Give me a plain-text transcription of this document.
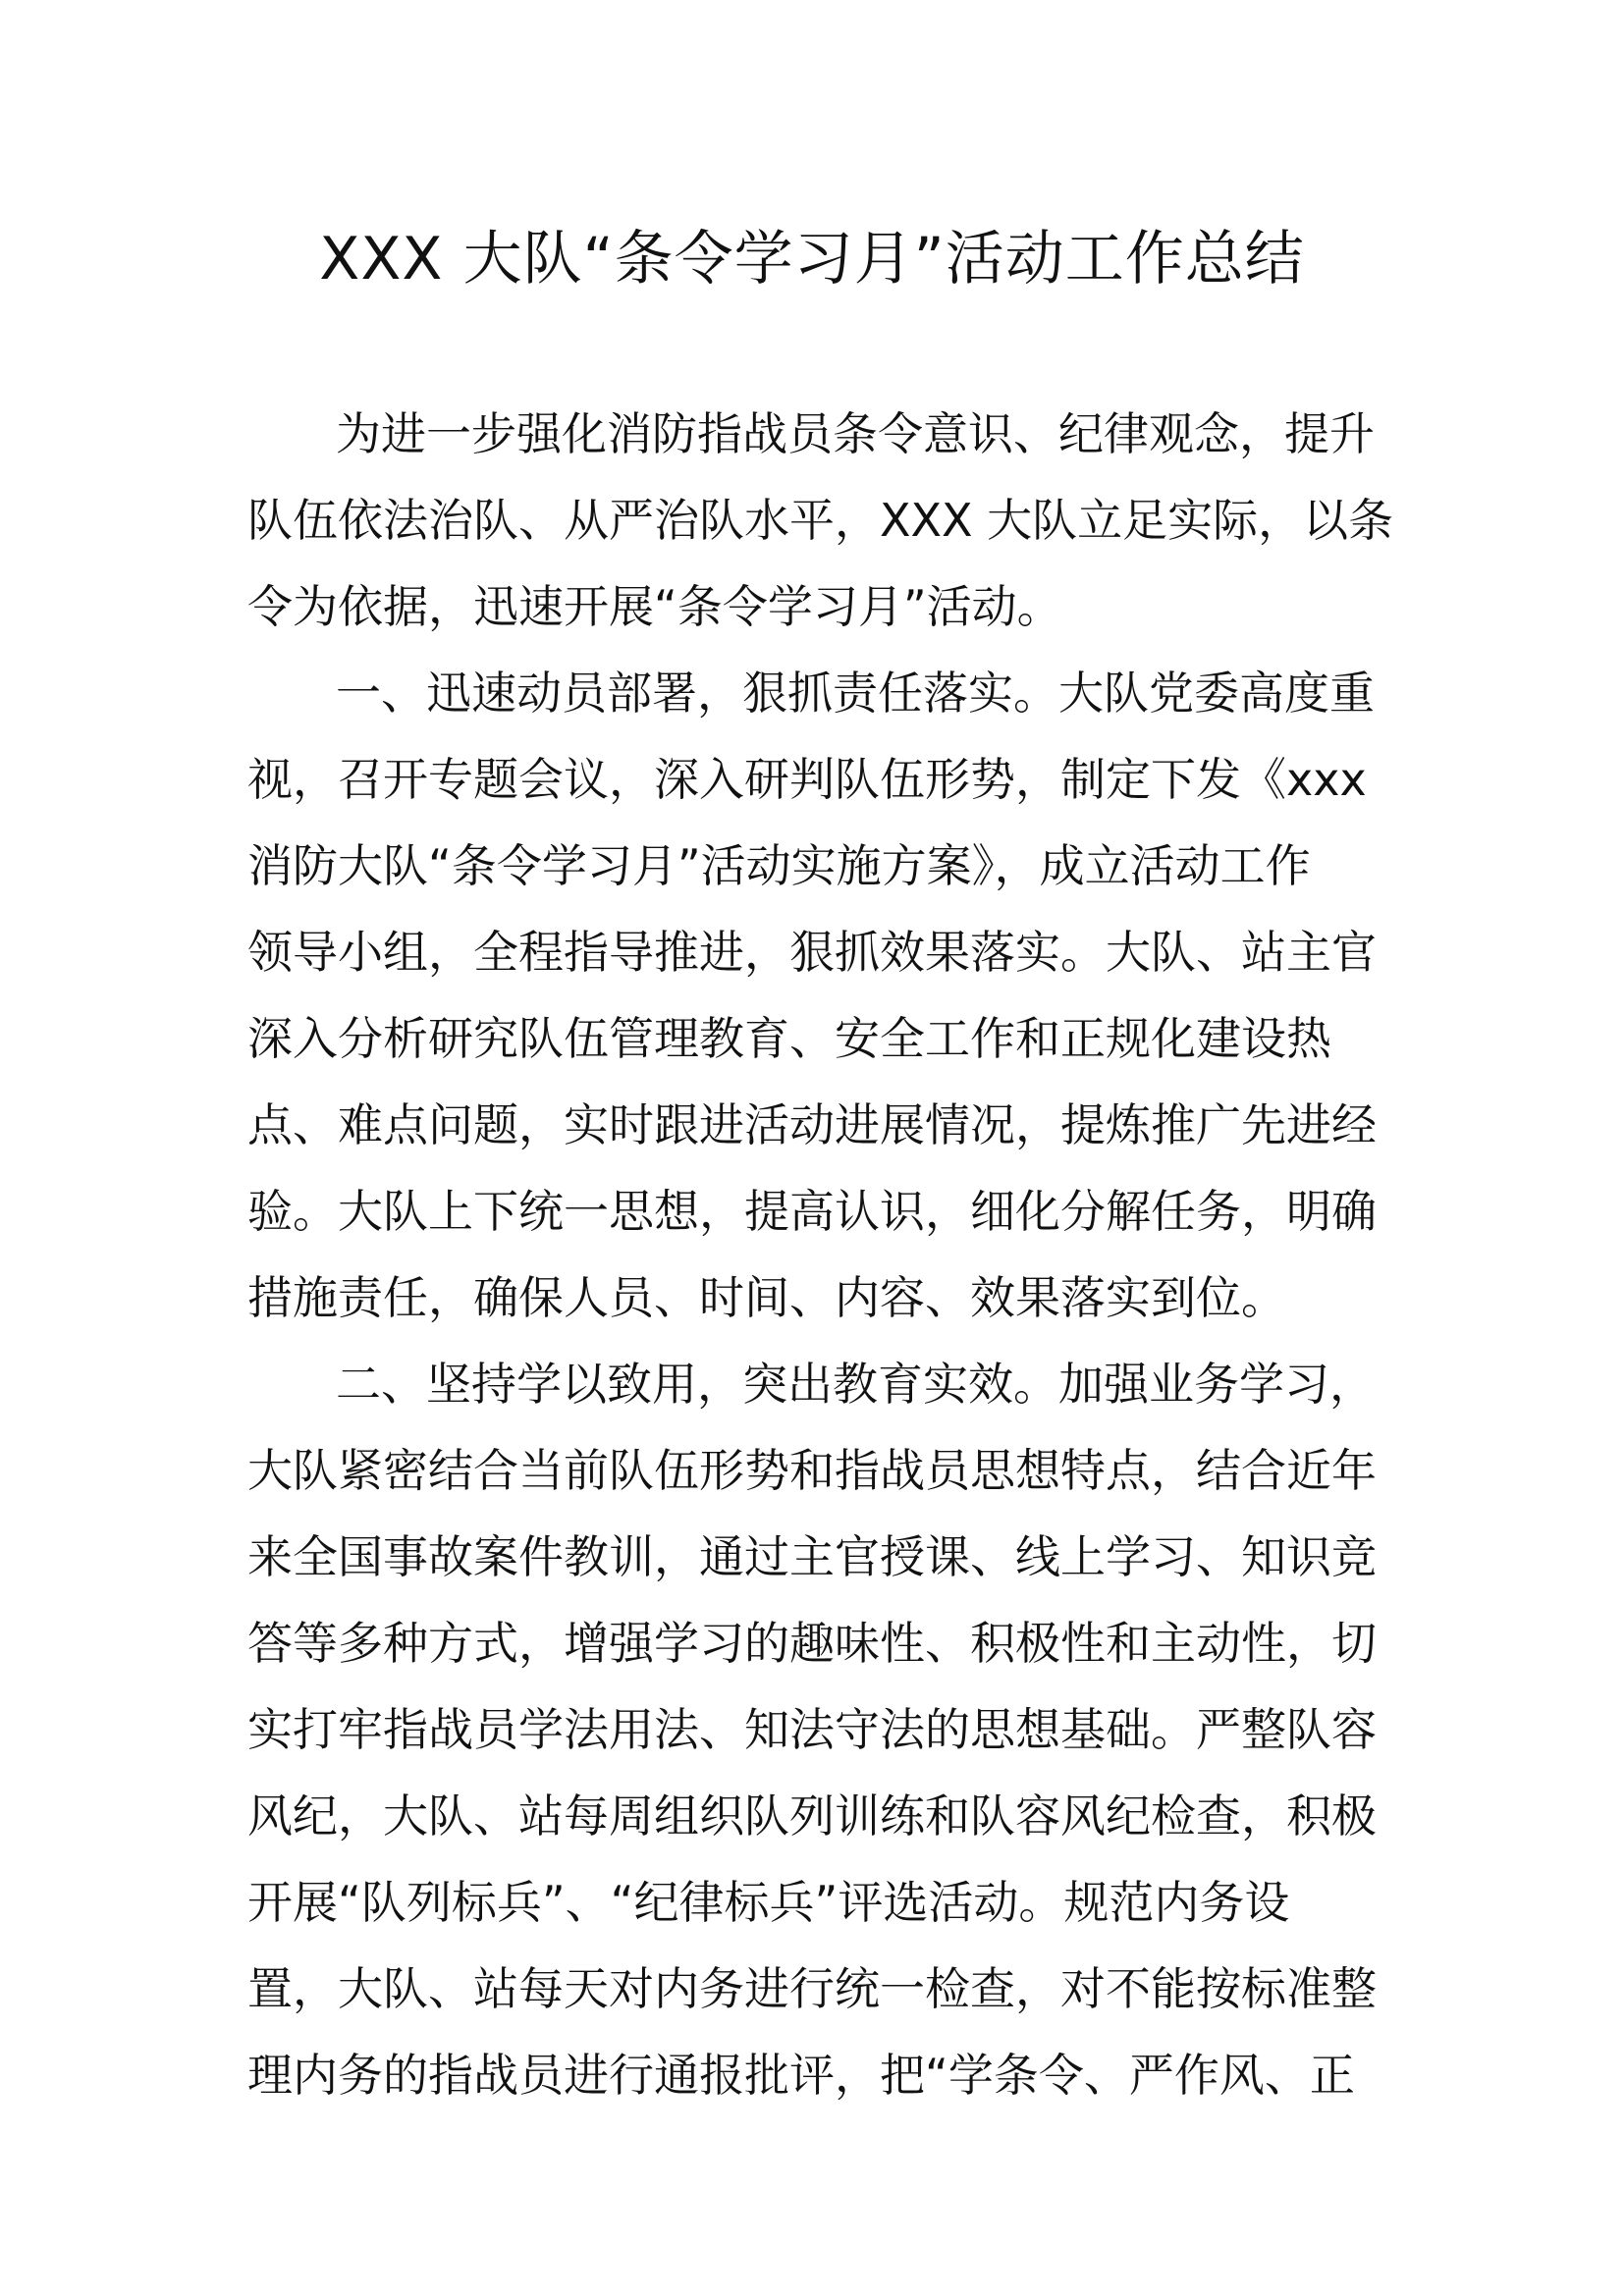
XXX 大队“条令学习月”活动工作总结
为进一步强化消防指战员条令意识、纪律观念，提升
队伍依法治队、从严治队水平，XXX 大队立足实际，以条
令为依据，迅速开展“条令学习月”活动。
一、迅速动员部署，狠抓责任落实。大队党委高度重
视，召开专题会议，深入研判队伍形势，制定下发《xxx
消防大队“条令学习月”活动实施方案》，成立活动工作
领导小组，全程指导推进，狠抓效果落实。大队、站主官
深入分析研究队伍管理教育、安全工作和正规化建设热
点、难点问题，实时跟进活动进展情况，提炼推广先进经
验。大队上下统一思想，提高认识，细化分解任务，明确
措施责任，确保人员、时间、内容、效果落实到位。
二、坚持学以致用，突出教育实效。加强业务学习，
大队紧密结合当前队伍形势和指战员思想特点，结合近年
来全国事故案件教训，通过主官授课、线上学习、知识竞
答等多种方式，增强学习的趣味性、积极性和主动性，切
实打牢指战员学法用法、知法守法的思想基础。严整队容
风纪，大队、站每周组织队列训练和队容风纪检查，积极
开展“队列标兵”、“纪律标兵”评选活动。规范内务设
置，大队、站每天对内务进行统一检查，对不能按标准整
理内务的指战员进行通报批评，把“学条令、严作风、正
